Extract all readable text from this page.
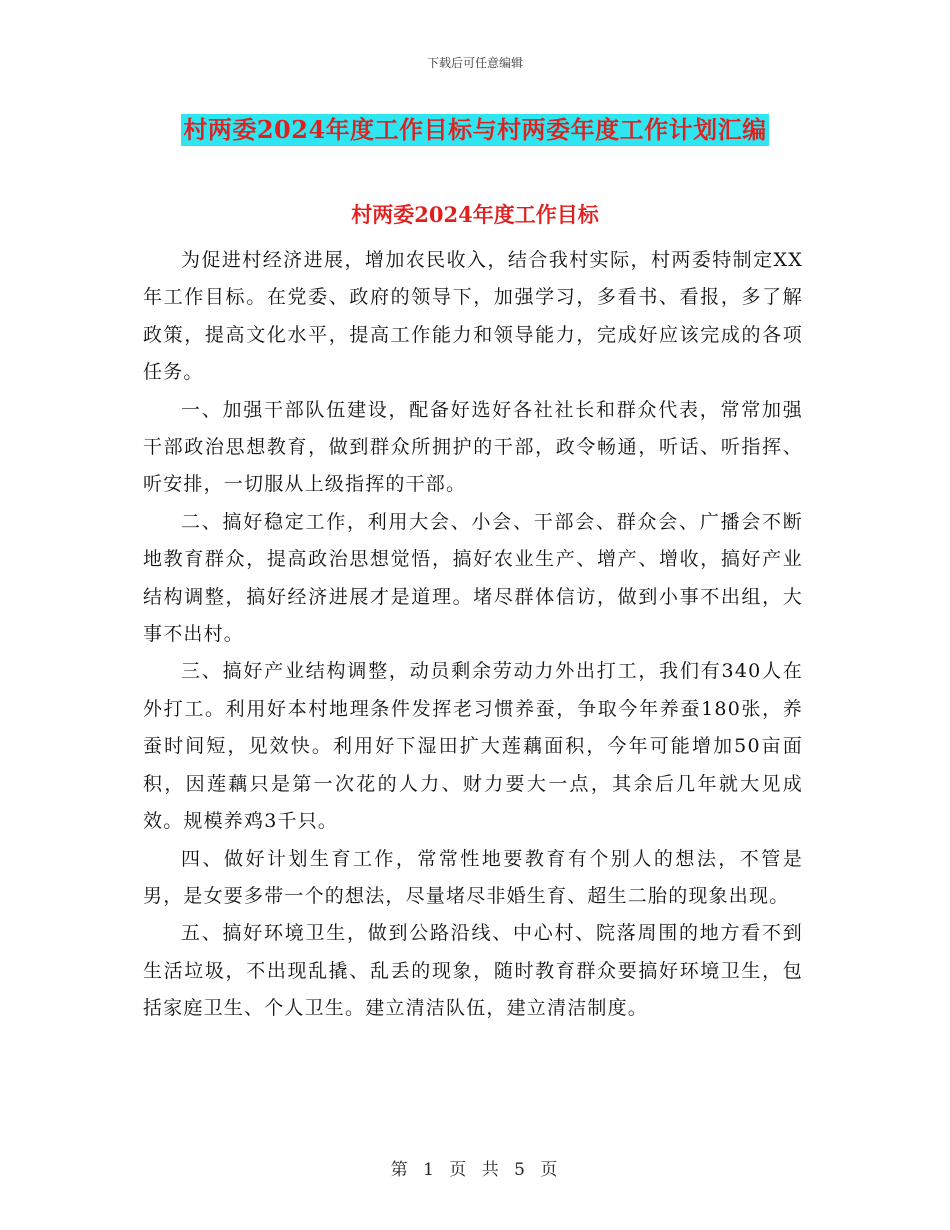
下载后可任意编辑
村两委2024年度工作目标与村两委年度工作计划汇编
村两委2024年度工作目标

为促进村经济进展，增加农民收入，结合我村实际，村两委特制定XX年工作目标。在党委、政府的领导下，加强学习，多看书、看报，多了解政策，提高文化水平，提高工作能力和领导能力，完成好应该完成的各项任务。

一、加强干部队伍建设，配备好选好各社社长和群众代表，常常加强干部政治思想教育，做到群众所拥护的干部，政令畅通，听话、听指挥、听安排，一切服从上级指挥的干部。

二、搞好稳定工作，利用大会、小会、干部会、群众会、广播会不断地教育群众，提高政治思想觉悟，搞好农业生产、增产、增收，搞好产业结构调整，搞好经济进展才是道理。堵尽群体信访，做到小事不出组，大事不出村。

三、搞好产业结构调整，动员剩余劳动力外出打工，我们有340人在外打工。利用好本村地理条件发挥老习惯养蚕，争取今年养蚕180张，养蚕时间短，见效快。利用好下湿田扩大莲藕面积，今年可能增加50亩面积，因莲藕只是第一次花的人力、财力要大一点，其余后几年就大见成效。规模养鸡3千只。

四、做好计划生育工作，常常性地要教育有个别人的想法，不管是男，是女要多带一个的想法，尽量堵尽非婚生育、超生二胎的现象出现。

五、搞好环境卫生，做到公路沿线、中心村、院落周围的地方看不到生活垃圾，不出现乱撬、乱丢的现象，随时教育群众要搞好环境卫生，包括家庭卫生、个人卫生。建立清洁队伍，建立清洁制度。

第 1 页 共 5 页
